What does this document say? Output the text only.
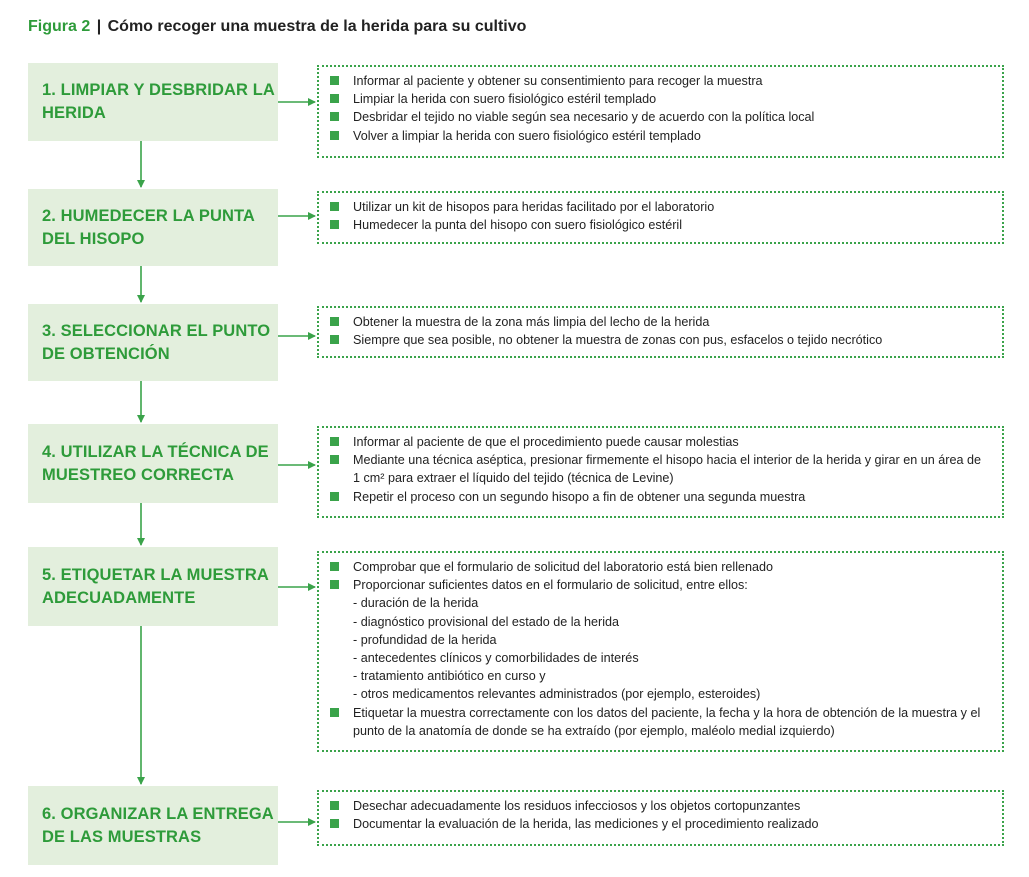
Figura 2 | Cómo recoger una muestra de la herida para su cultivo
1. LIMPIAR Y DESBRIDAR LA HERIDA
Informar al paciente y obtener su consentimiento para recoger la muestra
Limpiar la herida con suero fisiológico estéril templado
Desbridar el tejido no viable según sea necesario y de acuerdo con la política local
Volver a limpiar la herida con suero fisiológico estéril templado
2. HUMEDECER LA PUNTA DEL HISOPO
Utilizar un kit de hisopos para heridas facilitado por el laboratorio
Humedecer la punta del hisopo con suero fisiológico estéril
3. SELECCIONAR EL PUNTO DE OBTENCIÓN
Obtener la muestra de la zona más limpia del lecho de la herida
Siempre que sea posible, no obtener la muestra de zonas con pus, esfacelos o tejido necrótico
4. UTILIZAR LA TÉCNICA DE MUESTREO CORRECTA
Informar al paciente de que el procedimiento puede causar molestias
Mediante una técnica aséptica, presionar firmemente el hisopo hacia el interior de la herida y girar en un área de 1 cm² para extraer el líquido del tejido (técnica de Levine)
Repetir el proceso con un segundo hisopo a fin de obtener una segunda muestra
5. ETIQUETAR LA MUESTRA ADECUADAMENTE
Comprobar que el formulario de solicitud del laboratorio está bien rellenado
Proporcionar suficientes datos en el formulario de solicitud, entre ellos:
- duración de la herida
- diagnóstico provisional del estado de la herida
- profundidad de la herida
- antecedentes clínicos y comorbilidades de interés
- tratamiento antibiótico en curso y
- otros medicamentos relevantes administrados (por ejemplo, esteroides)
Etiquetar la muestra correctamente con los datos del paciente, la fecha y la hora de obtención de la muestra y el punto de la anatomía de donde se ha extraído (por ejemplo, maléolo medial izquierdo)
6. ORGANIZAR LA ENTREGA DE LAS MUESTRAS
Desechar adecuadamente los residuos infecciosos y los objetos cortopunzantes
Documentar la evaluación de la herida, las mediciones y el procedimiento realizado
